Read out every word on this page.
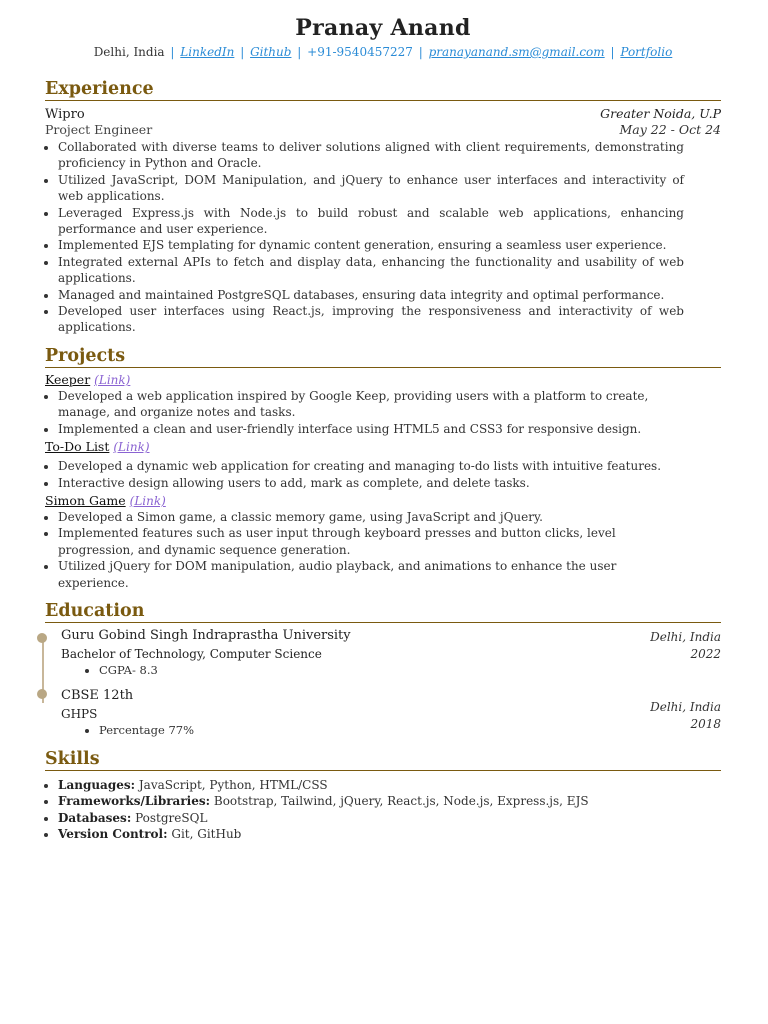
Pranay Anand
Delhi, India | LinkedIn | Github | +91-9540457227 | pranayanand.sm@gmail.com | Portfolio
Experience
Wipro	Greater Noida, U.P
Project Engineer	May 22 - Oct 24
• Collaborated with diverse teams to deliver solutions aligned with client requirements, demonstrating proficiency in Python and Oracle.
• Utilized JavaScript, DOM Manipulation, and jQuery to enhance user interfaces and interactivity of web applications.
• Leveraged Express.js with Node.js to build robust and scalable web applications, enhancing performance and user experience.
• Implemented EJS templating for dynamic content generation, ensuring a seamless user experience.
• Integrated external APIs to fetch and display data, enhancing the functionality and usability of web applications.
• Managed and maintained PostgreSQL databases, ensuring data integrity and optimal performance.
• Developed user interfaces using React.js, improving the responsiveness and interactivity of web applications.
Projects
Keeper (Link)
• Developed a web application inspired by Google Keep, providing users with a platform to create, manage, and organize notes and tasks.
• Implemented a clean and user-friendly interface using HTML5 and CSS3 for responsive design.
To-Do List (Link)
• Developed a dynamic web application for creating and managing to-do lists with intuitive features.
• Interactive design allowing users to add, mark as complete, and delete tasks.
Simon Game (Link)
• Developed a Simon game, a classic memory game, using JavaScript and jQuery.
• Implemented features such as user input through keyboard presses and button clicks, level progression, and dynamic sequence generation.
• Utilized jQuery for DOM manipulation, audio playback, and animations to enhance the user experience.
Education
Guru Gobind Singh Indraprastha University
Bachelor of Technology, Computer Science
• CGPA- 8.3
Delhi, India
2022
CBSE 12th
GHPS
• Percentage 77%
Delhi, India
2018
Skills
• Languages: JavaScript, Python, HTML/CSS
• Frameworks/Libraries: Bootstrap, Tailwind, jQuery, React.js, Node.js, Express.js, EJS
• Databases: PostgreSQL
• Version Control: Git, GitHub
